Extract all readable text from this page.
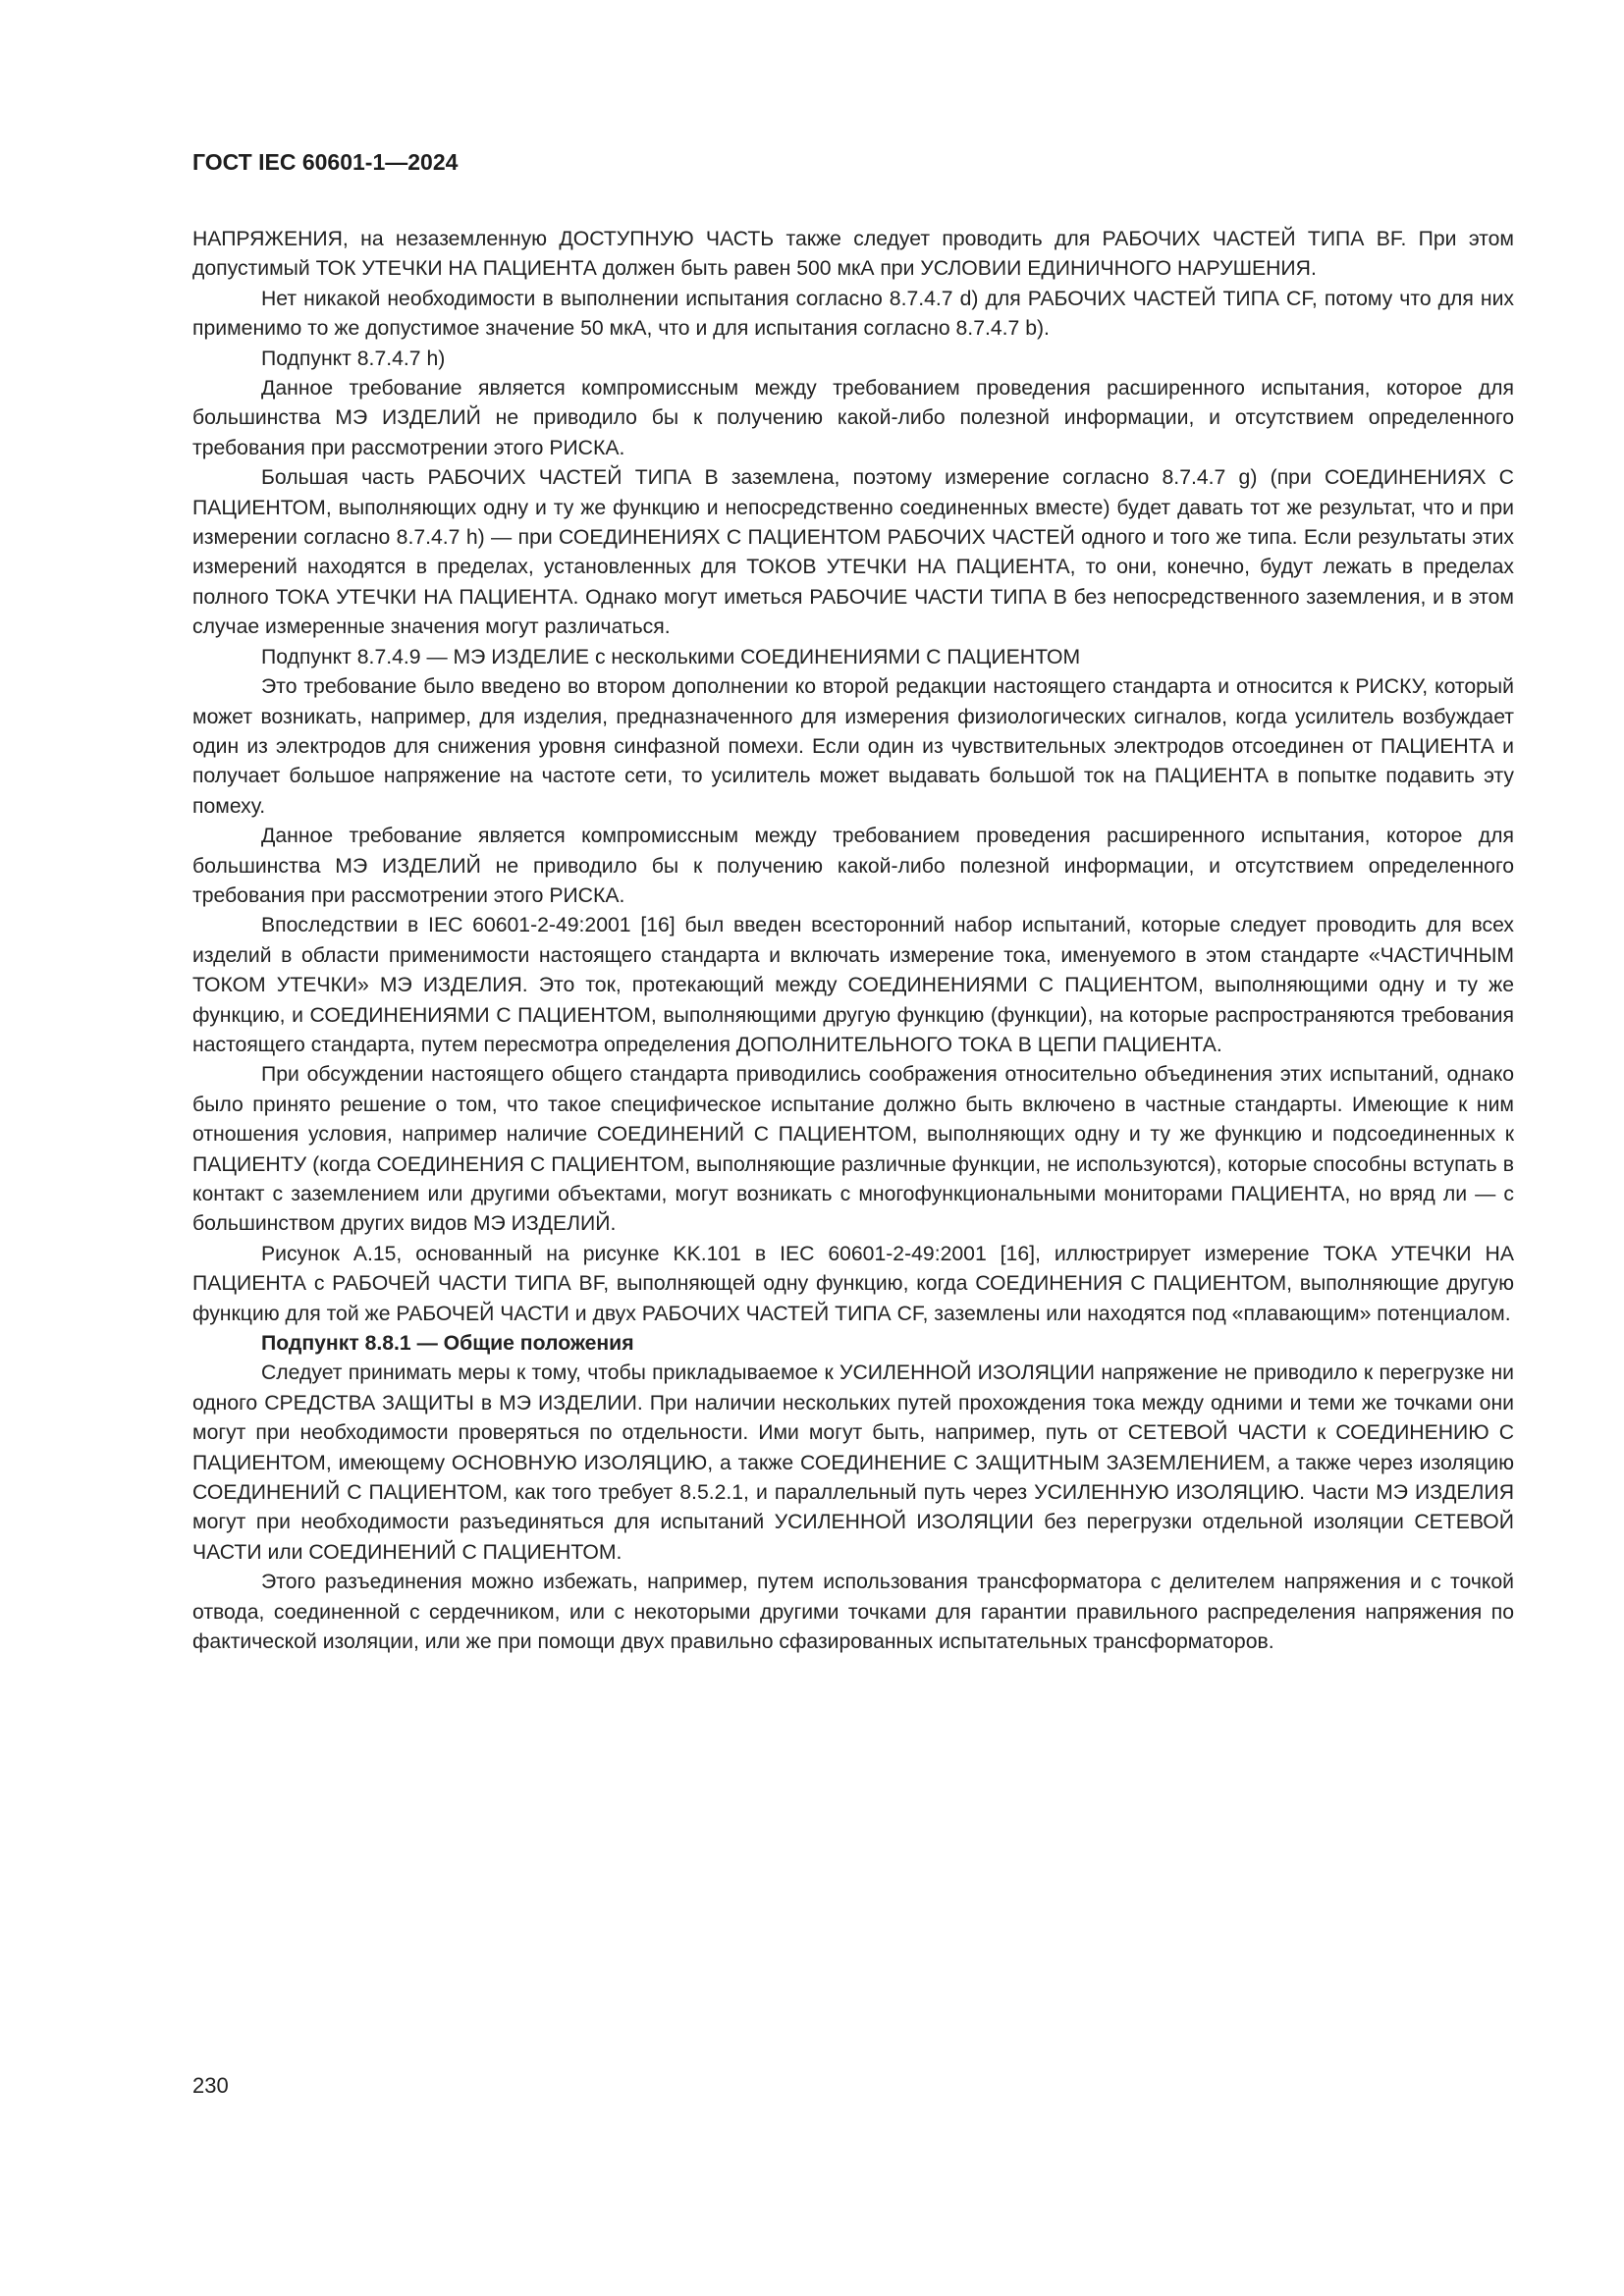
ГОСТ IEC 60601-1—2024

НАПРЯЖЕНИЯ, на незаземленную ДОСТУПНУЮ ЧАСТЬ также следует проводить для РАБОЧИХ ЧАСТЕЙ ТИПА BF. При этом допустимый ТОК УТЕЧКИ НА ПАЦИЕНТА должен быть равен 500 мкА при УСЛОВИИ ЕДИНИЧНОГО НАРУШЕНИЯ.

Нет никакой необходимости в выполнении испытания согласно 8.7.4.7 d) для РАБОЧИХ ЧАСТЕЙ ТИПА CF, потому что для них применимо то же допустимое значение 50 мкА, что и для испытания согласно 8.7.4.7 b).

Подпункт 8.7.4.7 h)

Данное требование является компромиссным между требованием проведения расширенного испытания, которое для большинства МЭ ИЗДЕЛИЙ не приводило бы к получению какой-либо полезной информации, и отсутствием определенного требования при рассмотрении этого РИСКА.

Большая часть РАБОЧИХ ЧАСТЕЙ ТИПА В заземлена, поэтому измерение согласно 8.7.4.7 g) (при СОЕДИНЕНИЯХ С ПАЦИЕНТОМ, выполняющих одну и ту же функцию и непосредственно соединенных вместе) будет давать тот же результат, что и при измерении согласно 8.7.4.7 h) — при СОЕДИНЕНИЯХ С ПАЦИЕНТОМ РАБОЧИХ ЧАСТЕЙ одного и того же типа. Если результаты этих измерений находятся в пределах, установленных для ТОКОВ УТЕЧКИ НА ПАЦИЕНТА, то они, конечно, будут лежать в пределах полного ТОКА УТЕЧКИ НА ПАЦИЕНТА. Однако могут иметься РАБОЧИЕ ЧАСТИ ТИПА В без непосредственного заземления, и в этом случае измеренные значения могут различаться.

Подпункт 8.7.4.9 — МЭ ИЗДЕЛИЕ с несколькими СОЕДИНЕНИЯМИ С ПАЦИЕНТОМ

Это требование было введено во втором дополнении ко второй редакции настоящего стандарта и относится к РИСКУ, который может возникать, например, для изделия, предназначенного для измерения физиологических сигналов, когда усилитель возбуждает один из электродов для снижения уровня синфазной помехи. Если один из чувствительных электродов отсоединен от ПАЦИЕНТА и получает большое напряжение на частоте сети, то усилитель может выдавать большой ток на ПАЦИЕНТА в попытке подавить эту помеху.

Данное требование является компромиссным между требованием проведения расширенного испытания, которое для большинства МЭ ИЗДЕЛИЙ не приводило бы к получению какой-либо полезной информации, и отсутствием определенного требования при рассмотрении этого РИСКА.

Впоследствии в IEC 60601-2-49:2001 [16] был введен всесторонний набор испытаний, которые следует проводить для всех изделий в области применимости настоящего стандарта и включать измерение тока, именуемого в этом стандарте «ЧАСТИЧНЫМ ТОКОМ УТЕЧКИ» МЭ ИЗДЕЛИЯ. Это ток, протекающий между СОЕДИНЕНИЯМИ С ПАЦИЕНТОМ, выполняющими одну и ту же функцию, и СОЕДИНЕНИЯМИ С ПАЦИЕНТОМ, выполняющими другую функцию (функции), на которые распространяются требования настоящего стандарта, путем пересмотра определения ДОПОЛНИТЕЛЬНОГО ТОКА В ЦЕПИ ПАЦИЕНТА.

При обсуждении настоящего общего стандарта приводились соображения относительно объединения этих испытаний, однако было принято решение о том, что такое специфическое испытание должно быть включено в частные стандарты. Имеющие к ним отношения условия, например наличие СОЕДИНЕНИЙ С ПАЦИЕНТОМ, выполняющих одну и ту же функцию и подсоединенных к ПАЦИЕНТУ (когда СОЕДИНЕНИЯ С ПАЦИЕНТОМ, выполняющие различные функции, не используются), которые способны вступать в контакт с заземлением или другими объектами, могут возникать с многофункциональными мониторами ПАЦИЕНТА, но вряд ли — с большинством других видов МЭ ИЗДЕЛИЙ.

Рисунок А.15, основанный на рисунке KK.101 в IEC 60601-2-49:2001 [16], иллюстрирует измерение ТОКА УТЕЧКИ НА ПАЦИЕНТА с РАБОЧЕЙ ЧАСТИ ТИПА BF, выполняющей одну функцию, когда СОЕДИНЕНИЯ С ПАЦИЕНТОМ, выполняющие другую функцию для той же РАБОЧЕЙ ЧАСТИ и двух РАБОЧИХ ЧАСТЕЙ ТИПА CF, заземлены или находятся под «плавающим» потенциалом.

Подпункт 8.8.1 — Общие положения

Следует принимать меры к тому, чтобы прикладываемое к УСИЛЕННОЙ ИЗОЛЯЦИИ напряжение не приводило к перегрузке ни одного СРЕДСТВА ЗАЩИТЫ в МЭ ИЗДЕЛИИ. При наличии нескольких путей прохождения тока между одними и теми же точками они могут при необходимости проверяться по отдельности. Ими могут быть, например, путь от СЕТЕВОЙ ЧАСТИ к СОЕДИНЕНИЮ С ПАЦИЕНТОМ, имеющему ОСНОВНУЮ ИЗОЛЯЦИЮ, а также СОЕДИНЕНИЕ С ЗАЩИТНЫМ ЗАЗЕМЛЕНИЕМ, а также через изоляцию СОЕДИНЕНИЙ С ПАЦИЕНТОМ, как того требует 8.5.2.1, и параллельный путь через УСИЛЕННУЮ ИЗОЛЯЦИЮ. Части МЭ ИЗДЕЛИЯ могут при необходимости разъединяться для испытаний УСИЛЕННОЙ ИЗОЛЯЦИИ без перегрузки отдельной изоляции СЕТЕВОЙ ЧАСТИ или СОЕДИНЕНИЙ С ПАЦИЕНТОМ.

Этого разъединения можно избежать, например, путем использования трансформатора с делителем напряжения и с точкой отвода, соединенной с сердечником, или с некоторыми другими точками для гарантии правильного распределения напряжения по фактической изоляции, или же при помощи двух правильно сфазированных испытательных трансформаторов.

230
